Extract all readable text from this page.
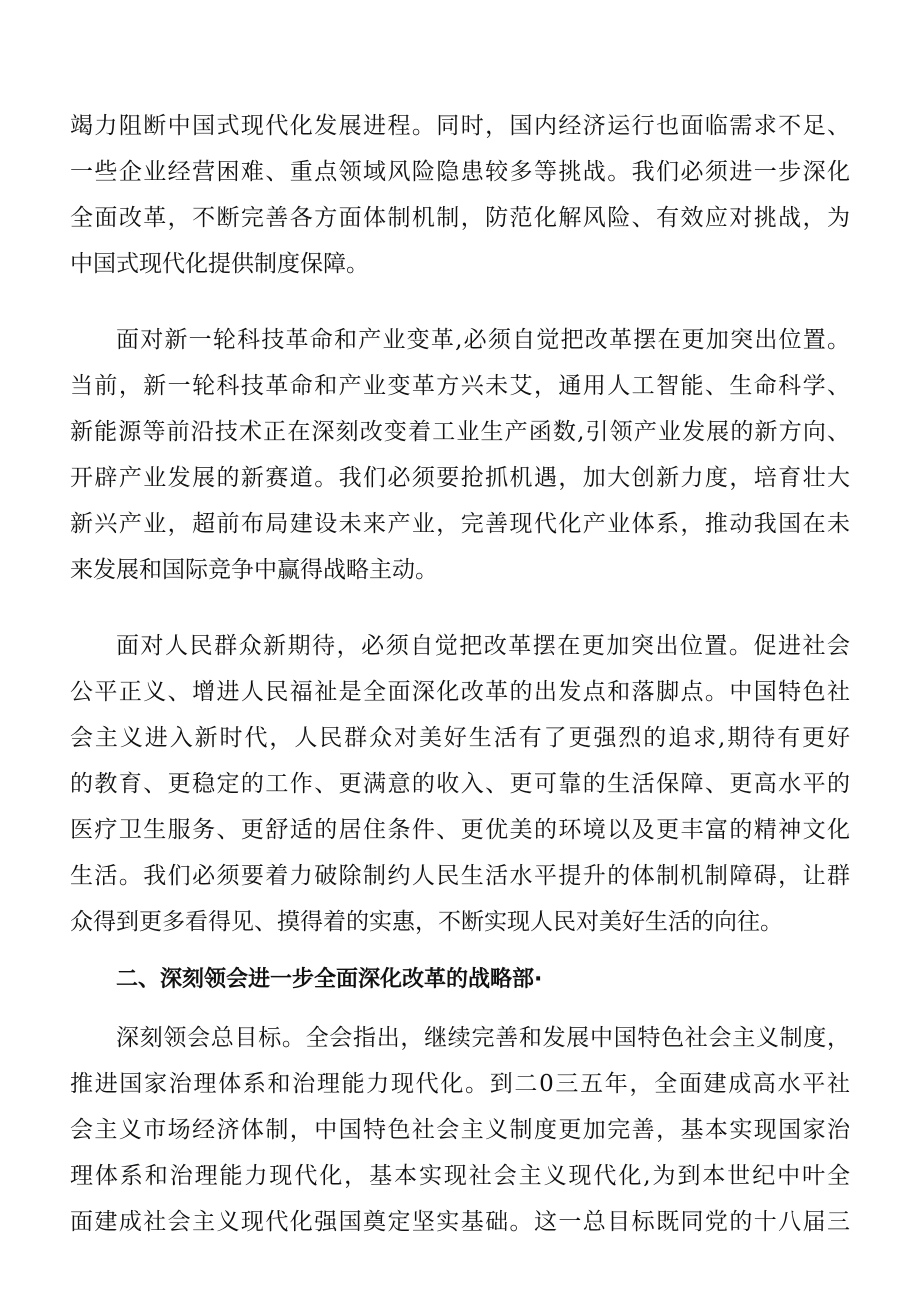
竭力阻断中国式现代化发展进程。同时，国内经济运行也面临需求不足、
一些企业经营困难、重点领域风险隐患较多等挑战。我们必须进一步深化
全面改革，不断完善各方面体制机制，防范化解风险、有效应对挑战，为
中国式现代化提供制度保障。
面对新一轮科技革命和产业变革,必须自觉把改革摆在更加突出位置。
当前，新一轮科技革命和产业变革方兴未艾，通用人工智能、生命科学、
新能源等前沿技术正在深刻改变着工业生产函数,引领产业发展的新方向、
开辟产业发展的新赛道。我们必须要抢抓机遇，加大创新力度，培育壮大
新兴产业，超前布局建设未来产业，完善现代化产业体系，推动我国在未
来发展和国际竞争中赢得战略主动。
面对人民群众新期待，必须自觉把改革摆在更加突出位置。促进社会
公平正义、增进人民福祉是全面深化改革的出发点和落脚点。中国特色社
会主义进入新时代，人民群众对美好生活有了更强烈的追求,期待有更好
的教育、更稳定的工作、更满意的收入、更可靠的生活保障、更高水平的
医疗卫生服务、更舒适的居住条件、更优美的环境以及更丰富的精神文化
生活。我们必须要着力破除制约人民生活水平提升的体制机制障碍，让群
众得到更多看得见、摸得着的实惠，不断实现人民对美好生活的向往。
二、深刻领会进一步全面深化改革的战略部·
深刻领会总目标。全会指出，继续完善和发展中国特色社会主义制度，
推进国家治理体系和治理能力现代化。到二0三五年，全面建成高水平社
会主义市场经济体制，中国特色社会主义制度更加完善，基本实现国家治
理体系和治理能力现代化，基本实现社会主义现代化,为到本世纪中叶全
面建成社会主义现代化强国奠定坚实基础。这一总目标既同党的十八届三
